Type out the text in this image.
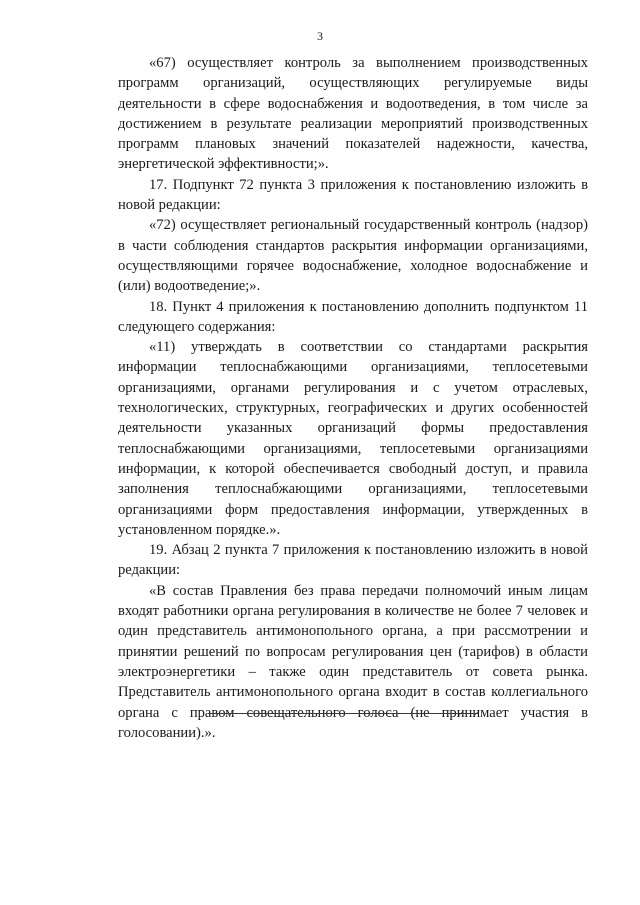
3

«67) осуществляет контроль за выполнением производственных программ организаций, осуществляющих регулируемые виды деятельности в сфере водоснабжения и водоотведения, в том числе за достижением в результате реализации мероприятий производственных программ плановых значений показателей надежности, качества, энергетической эффективности;».

17. Подпункт 72 пункта 3 приложения к постановлению изложить в новой редакции:

«72) осуществляет региональный государственный контроль (надзор) в части соблюдения стандартов раскрытия информации организациями, осуществляющими горячее водоснабжение, холодное водоснабжение и (или) водоотведение;».

18. Пункт 4 приложения к постановлению дополнить подпунктом 11 следующего содержания:

«11) утверждать в соответствии со стандартами раскрытия информации теплоснабжающими организациями, теплосетевыми организациями, органами регулирования и с учетом отраслевых, технологических, структурных, географических и других особенностей деятельности указанных организаций формы предоставления теплоснабжающими организациями, теплосетевыми организациями информации, к которой обеспечивается свободный доступ, и правила заполнения теплоснабжающими организациями, теплосетевыми организациями форм предоставления информации, утвержденных в установленном порядке.».

19. Абзац 2 пункта 7 приложения к постановлению изложить в новой редакции:

«В состав Правления без права передачи полномочий иным лицам входят работники органа регулирования в количестве не более 7 человек и один представитель антимонопольного органа, а при рассмотрении и принятии решений по вопросам регулирования цен (тарифов) в области электроэнергетики – также один представитель от совета рынка. Представитель антимонопольного органа входит в состав коллегиального органа с правом совещательного голоса (не принимает участия в голосовании).».
